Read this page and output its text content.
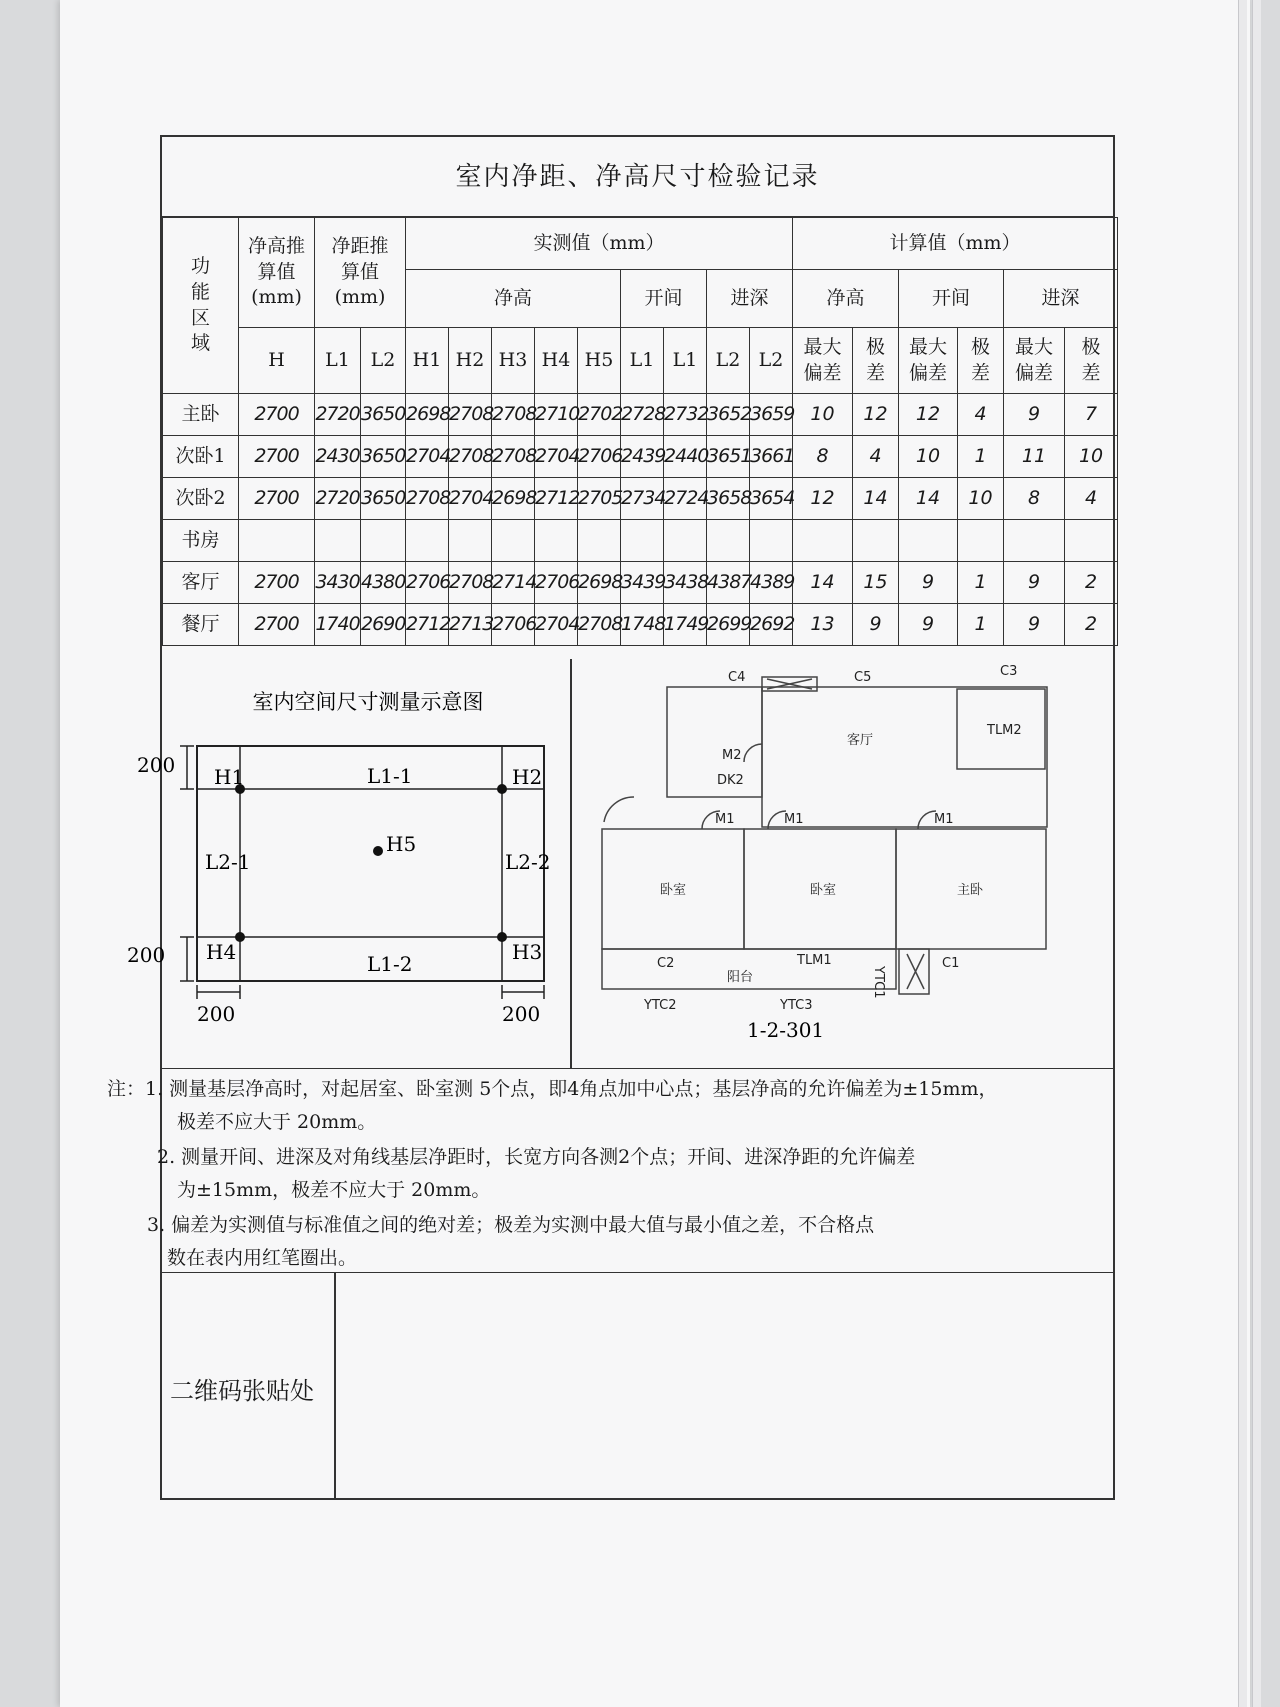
室内净距、净高尺寸检验记录
功能区域	净高推算值(mm)	净距推算值(mm)		实测值（mm）									计算值（mm）					
				净高					开间		进深		净高		开间		进深	
	H	L1	L2	H1	H2	H3	H4	H5	L1	L1	L2	L2	最大偏差	极差	最大偏差	极差	最大偏差	极差
主卧	2700	2720	3650	2698	2708	2708	2710	2702	2728	2732	3652	3659	10	12	12	4	9	7
次卧1	2700	2430	3650	2704	2708	2708	2704	2706	2439	2440	3651	3661	8	4	10	1	11	10
次卧2	2700	2720	3650	2708	2704	2698	2712	2705	2734	2724	3658	3654	12	14	14	10	8	4
书房																		
客厅	2700	3430	4380	2706	2708	2714	2706	2698	3439	3438	4387	4389	14	15	9	1	9	2
餐厅	2700	1740	2690	2712	2713	2706	2704	2708	1748	1749	2699	2692	13	9	9	1	9	2
室内空间尺寸测量示意图
H1	H2
H3
H4
H5
L1-1
L1-2
L2-1	L2-2
200
200
200	200
C4	C5	C3
客厅
TLM2
M2
DK2
M1	M1	M1
卧室	卧室	主卧
C2	TLM1
YTC1
C1
阳台
YTC2	YTC3
1-2-301
注：1. 测量基层净高时，对起居室、卧室测 5个点，即4角点加中心点；基层净高的允许偏差为±15mm，
极差不应大于 20mm。
2. 测量开间、进深及对角线基层净距时，长宽方向各测2个点；开间、进深净距的允许偏差
为±15mm，极差不应大于 20mm。
3. 偏差为实测值与标准值之间的绝对差；极差为实测中最大值与最小值之差，不合格点
数在表内用红笔圈出。
二维码张贴处
